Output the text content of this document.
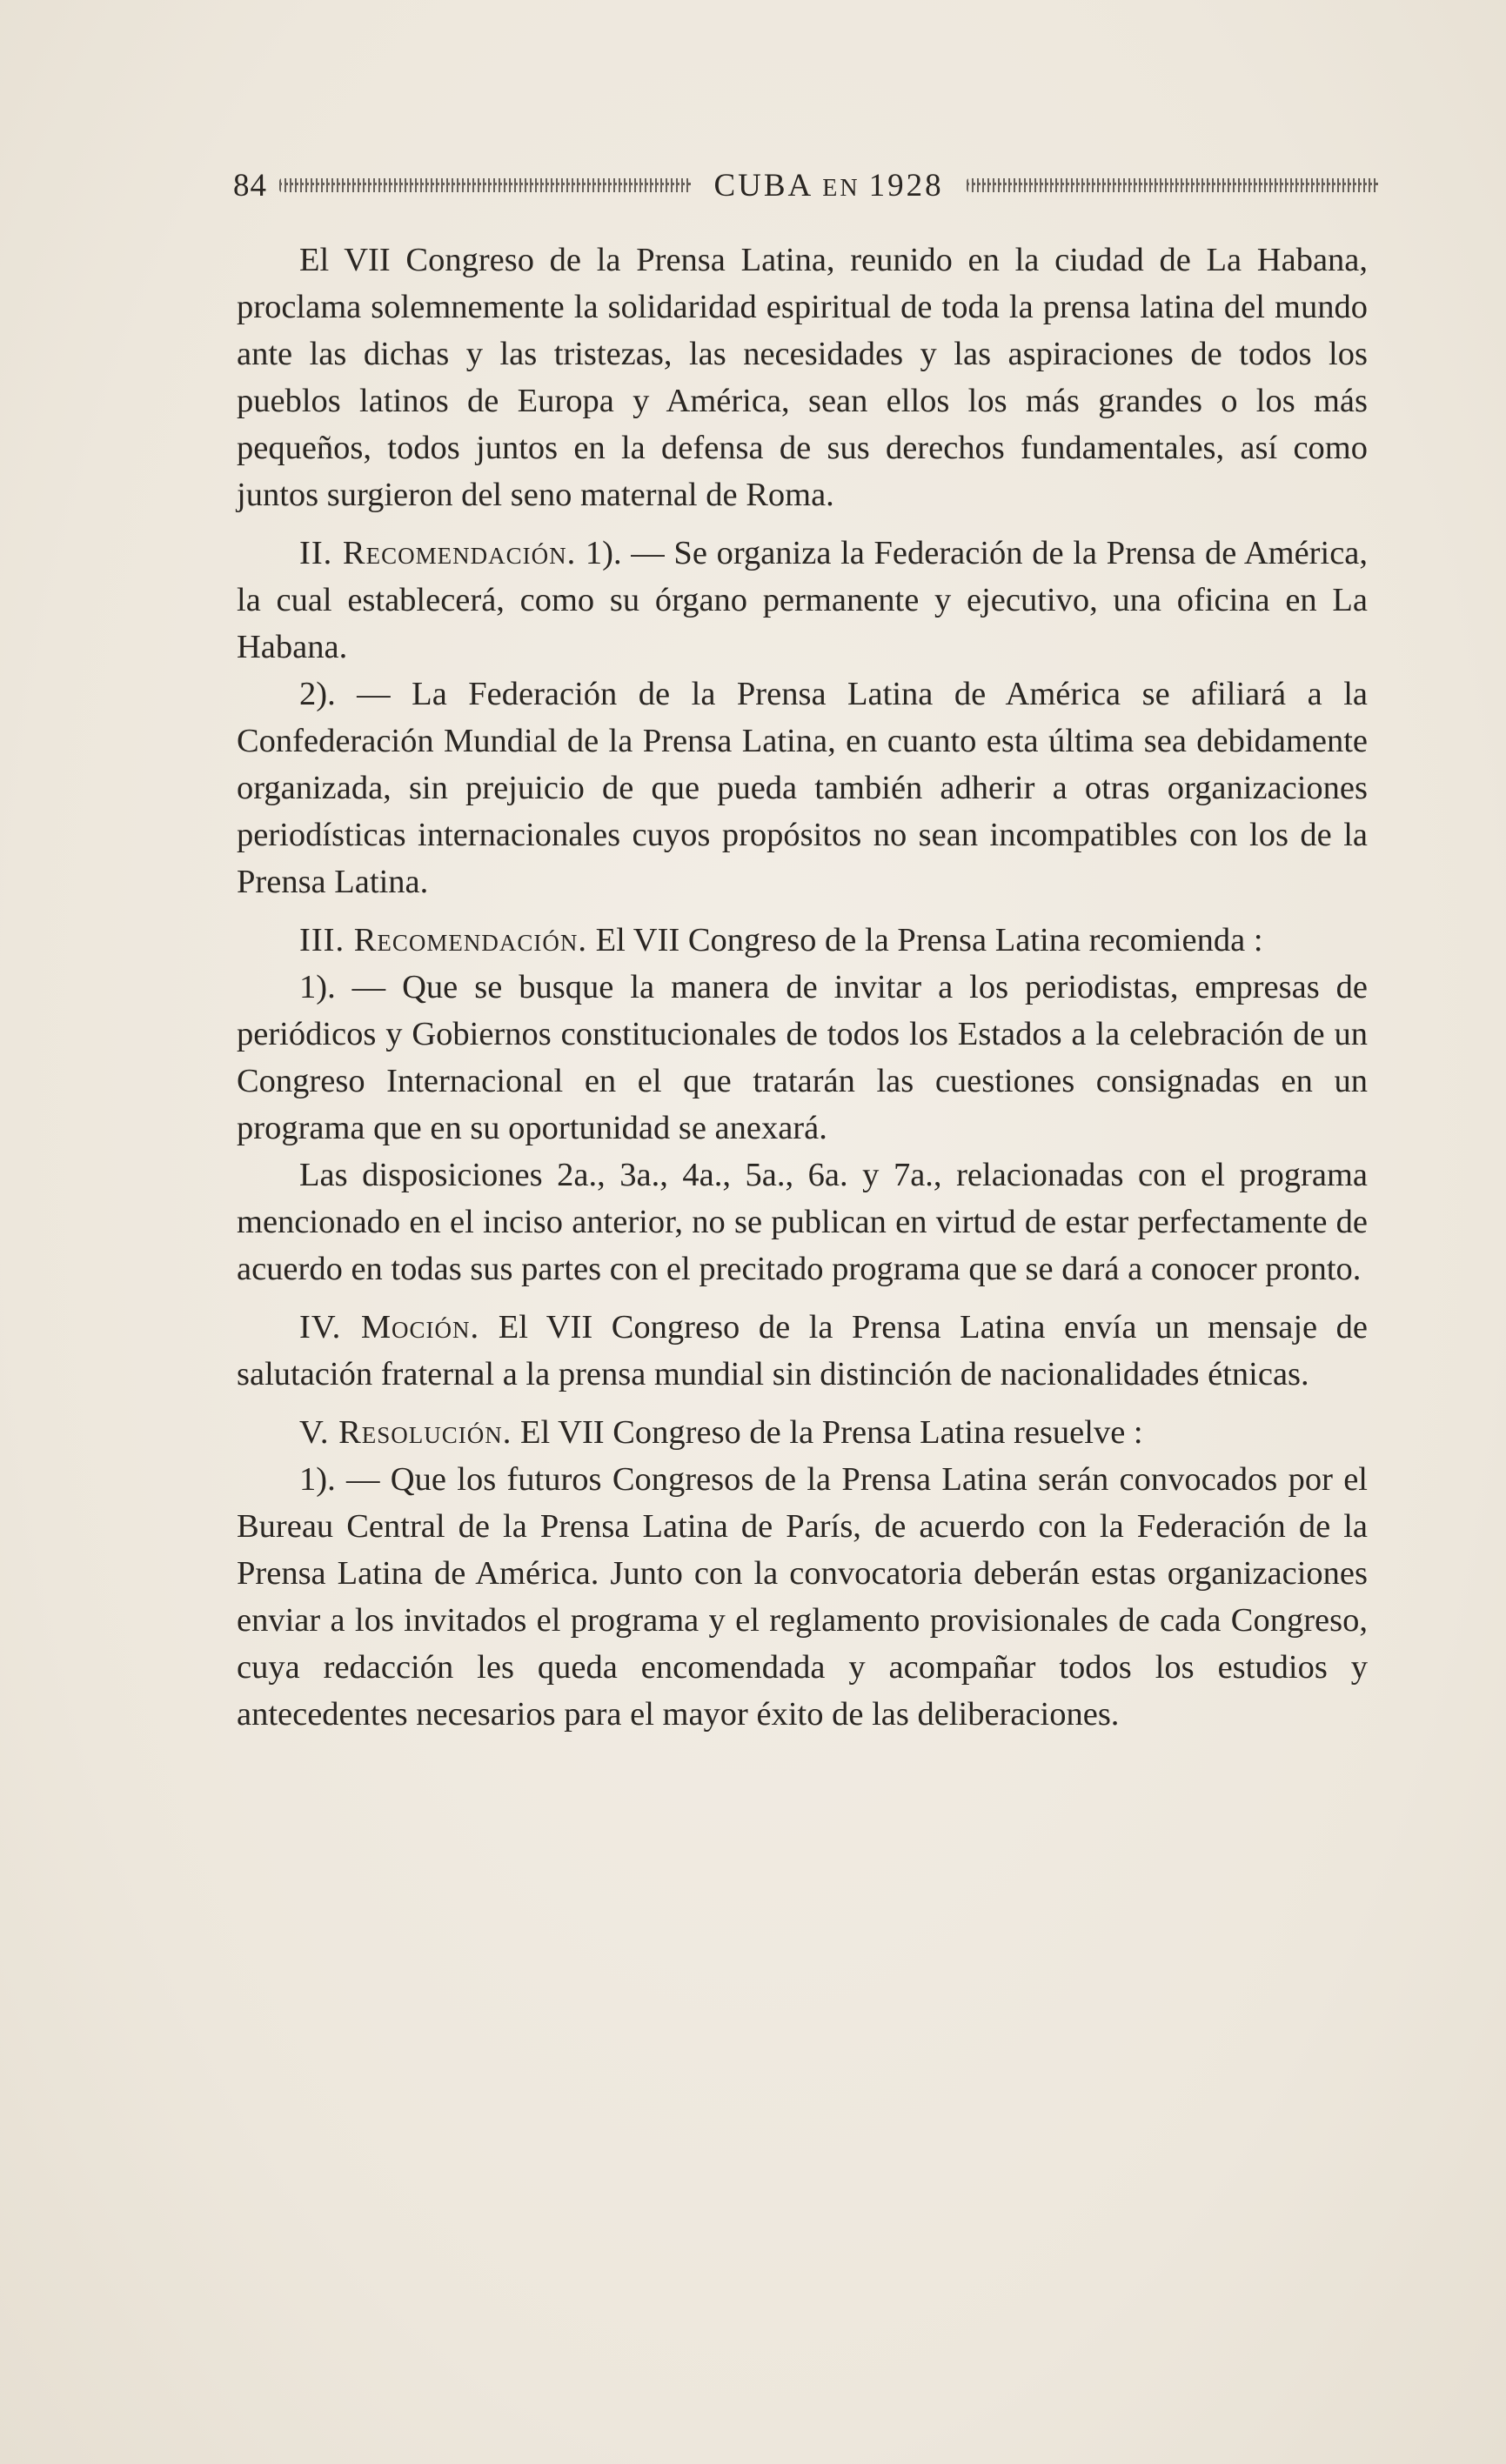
84	CUBA EN 1928

El VII Congreso de la Prensa Latina, reunido en la ciudad de La Habana, proclama solemnemente la solidaridad espiritual de toda la prensa latina del mundo ante las dichas y las tristezas, las necesidades y las aspiraciones de todos los pueblos latinos de Europa y América, sean ellos los más grandes o los más pequeños, todos juntos en la defensa de sus derechos fundamentales, así como juntos surgieron del seno maternal de Roma.

II. Recomendación. 1). — Se organiza la Federación de la Prensa de América, la cual establecerá, como su órgano permanente y ejecutivo, una oficina en La Habana.

2). — La Federación de la Prensa Latina de América se afiliará a la Confederación Mundial de la Prensa Latina, en cuanto esta última sea debidamente organizada, sin prejuicio de que pueda también adherir a otras organizaciones periodísticas internacionales cuyos propósitos no sean incompatibles con los de la Prensa Latina.

III. Recomendación. El VII Congreso de la Prensa Latina recomienda :

1). — Que se busque la manera de invitar a los periodistas, empresas de periódicos y Gobiernos constitucionales de todos los Estados a la celebración de un Congreso Internacional en el que tratarán las cuestiones consignadas en un programa que en su oportunidad se anexará.

Las disposiciones 2a., 3a., 4a., 5a., 6a. y 7a., relacionadas con el programa mencionado en el inciso anterior, no se publican en virtud de estar perfectamente de acuerdo en todas sus partes con el precitado programa que se dará a conocer pronto.

IV. Moción. El VII Congreso de la Prensa Latina envía un mensaje de salutación fraternal a la prensa mundial sin distinción de nacionalidades étnicas.

V. Resolución. El VII Congreso de la Prensa Latina resuelve :

1). — Que los futuros Congresos de la Prensa Latina serán convocados por el Bureau Central de la Prensa Latina de París, de acuerdo con la Federación de la Prensa Latina de América. Junto con la convocatoria deberán estas organizaciones enviar a los invitados el programa y el reglamento provisionales de cada Congreso, cuya redacción les queda encomendada y acompañar todos los estudios y antecedentes necesarios para el mayor éxito de las deliberaciones.
